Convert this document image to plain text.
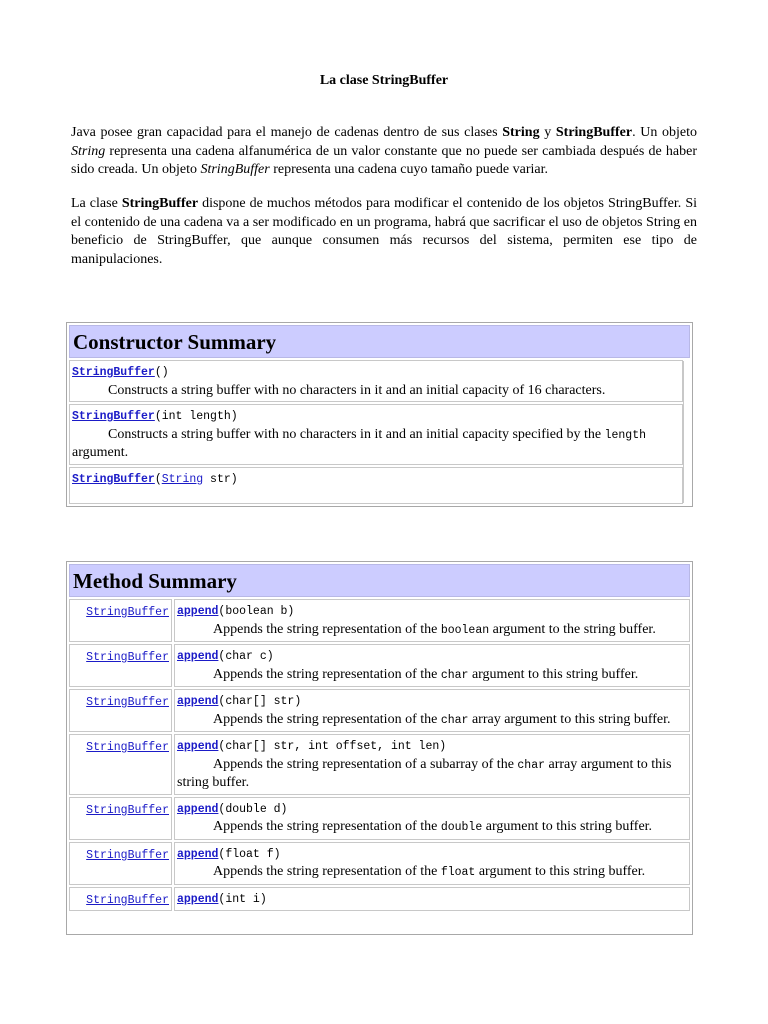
La clase StringBuffer

Java posee gran capacidad para el manejo de cadenas dentro de sus clases String y StringBuffer. Un objeto String representa una cadena alfanumérica de un valor constante que no puede ser cambiada después de haber sido creada. Un objeto StringBuffer representa una cadena cuyo tamaño puede variar.

La clase StringBuffer dispone de muchos métodos para modificar el contenido de los objetos StringBuffer. Si el contenido de una cadena va a ser modificado en un programa, habrá que sacrificar el uso de objetos String en beneficio de StringBuffer, que aunque consumen más recursos del sistema, permiten ese tipo de manipulaciones.

Constructor Summary
StringBuffer()
Constructs a string buffer with no characters in it and an initial capacity of 16 characters.
StringBuffer(int length)
Constructs a string buffer with no characters in it and an initial capacity specified by the length argument.
StringBuffer(String str)
Method Summary
StringBuffer append(boolean b)
Appends the string representation of the boolean argument to the string buffer.
StringBuffer append(char c)
Appends the string representation of the char argument to this string buffer.
StringBuffer append(char[] str)
Appends the string representation of the char array argument to this string buffer.
StringBuffer append(char[] str, int offset, int len)
Appends the string representation of a subarray of the char array argument to this string buffer.
StringBuffer append(double d)
Appends the string representation of the double argument to this string buffer.
StringBuffer append(float f)
Appends the string representation of the float argument to this string buffer.
StringBuffer append(int i)
